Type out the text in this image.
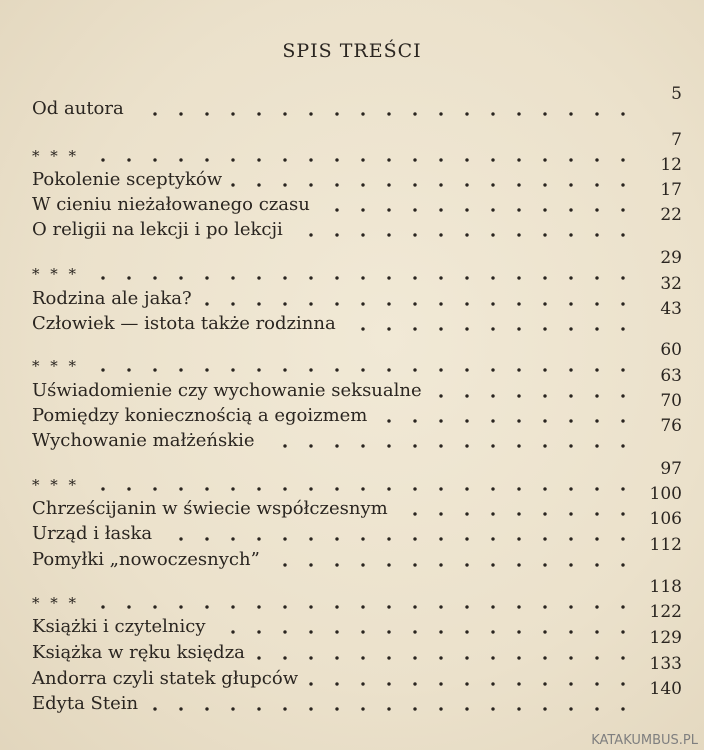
SPIS TREŚCI
Od autora
5
* * *
7
Pokolenie sceptyków
12
W cieniu nieżałowanego czasu
17
O religii na lekcji i po lekcji
22
* * *
29
Rodzina ale jaka?
32
Człowiek — istota także rodzinna
43
* * *
60
Uświadomienie czy wychowanie seksualne
63
Pomiędzy koniecznością a egoizmem
70
Wychowanie małżeńskie
76
* * *
97
Chrześcijanin w świecie współczesnym
100
Urząd i łaska
106
Pomyłki „nowoczesnych”
112
* * *
118
Książki i czytelnicy
122
Książka w ręku księdza
129
Andorra czyli statek głupców
133
Edyta Stein
140
KATAKUMBUS.PL
